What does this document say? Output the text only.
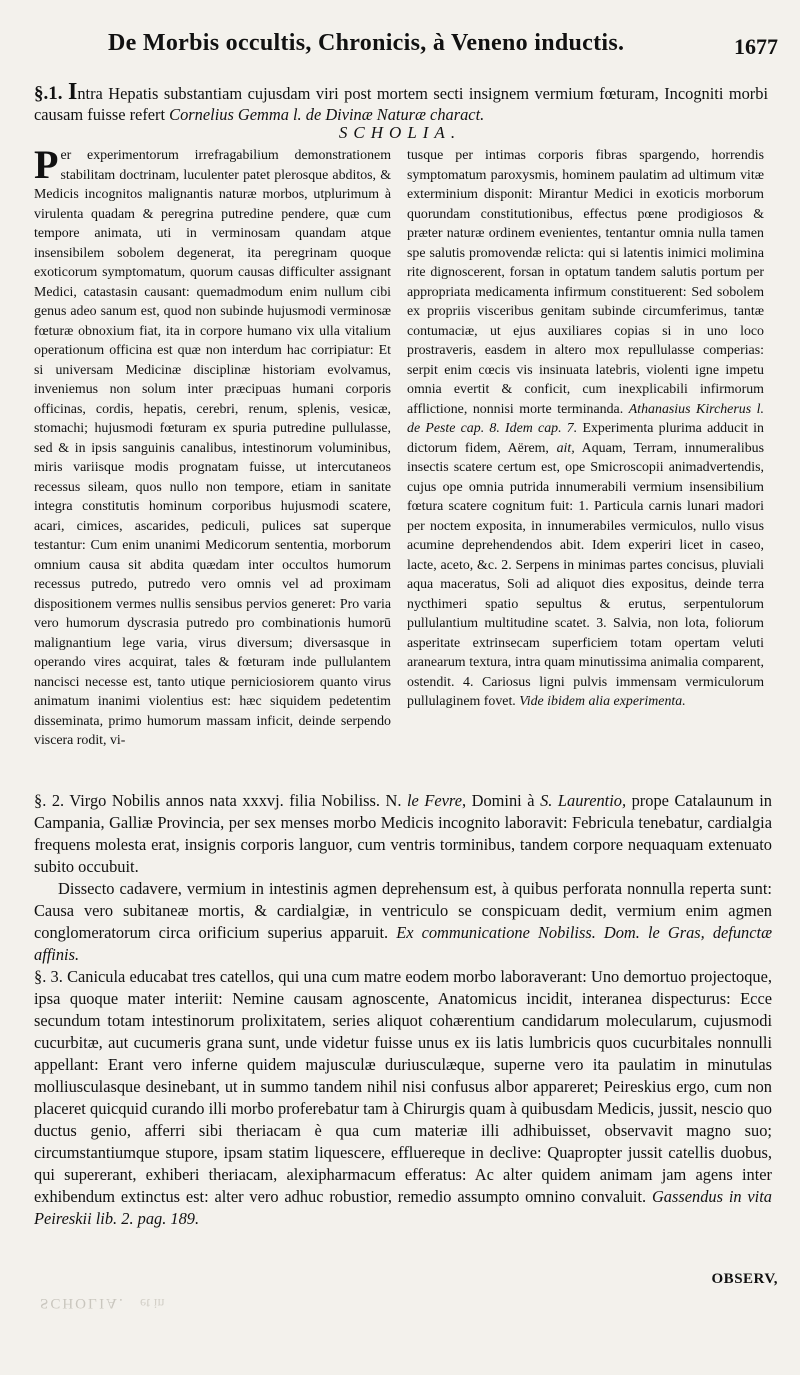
De Morbis occultis, Chronicis, à Veneno inductis.	1677
§.1. Intra Hepatis substantiam cujusdam viri post mortem secti insignem vermium fœturam, Incogniti morbi causam fuisse refert Cornelius Gemma l. de Divinæ Naturæ charact.
SCHOLIA.
Per experimentorum irrefragabilium demonstrationem stabilitam doctrinam, luculenter patet plerosque abditos, & Medicis incognitos malignantis naturæ morbos, utplurimum à virulenta quadam & peregrina putredine pendere, quæ cum tempore animata, uti in verminosam quandam atque insensibilem sobolem degenerat, ita peregrinam quoque exoticorum symptomatum, quorum causas difficulter assignant Medici, catastasin causant: quemadmodum enim nullum cibi genus adeo sanum est, quod non subinde hujusmodi verminosæ fœturæ obnoxium fiat, ita in corpore humano vix ulla vitalium operationum officina est quæ non interdum hac corripiatur: Et si universam Medicinæ disciplinæ historiam evolvamus, inveniemus non solum inter præcipuas humani corporis officinas, cordis, hepatis, cerebri, renum, splenis, vesicæ, stomachi; hujusmodi fœturam ex spuria putredine pullulasse, sed & in ipsis sanguinis canalibus, intestinorum voluminibus, miris variisque modis prognatam fuisse, ut intercutaneos recessus sileam, quos nullo non tempore, etiam in sanitate integra constitutis hominum corporibus hujusmodi scatere, acari, cimices, ascarides, pediculi, pulices sat superque testantur: Cum enim unanimi Medicorum sententia, morborum omnium causa sit abdita quædam inter occultos humorum recessus putredo, putredo vero omnis vel ad proximam dispositionem vermes nullis sensibus pervios generet: Pro varia vero humorum dyscrasia putredo pro combinationis humorū malignantium lege varia, virus diversum; diversasque in operando vires acquirat, tales & fœturam inde pullulantem nancisci necesse est, tanto utique perniciosiorem quanto virus animatum inanimi violentius est: hæc siquidem pedetentim disseminata, primo humorum massam inficit, deinde serpendo viscera rodit, vi-
tusque per intimas corporis fibras spargendo, horrendis symptomatum paroxysmis, hominem paulatim ad ultimum vitæ exterminium disponit: Mirantur Medici in exoticis morborum quorundam constitutionibus, effectus pœne prodigiosos & præter naturæ ordinem evenientes, tentantur omnia nulla tamen spe salutis promovendæ relicta: qui si latentis inimici molimina rite dignoscerent, forsan in optatum tandem salutis portum per appropriata medicamenta infirmum constituerent: Sed sobolem ex propriis visceribus genitam subinde circumferimus, tantæ contumaciæ, ut ejus auxiliares copias si in uno loco prostraveris, easdem in altero mox repullulasse comperias: serpit enim cœcis vis insinuata latebris, violenti igne impetu omnia evertit & conficit, cum inexplicabili infirmorum afflictione, nonnisi morte terminanda. Athanasius Kircherus l. de Peste cap. 8. Idem cap. 7. Experimenta plurima adducit in dictorum fidem, Aërem, ait, Aquam, Terram, innumeralibus insectis scatere certum est, ope Smicroscopii animadvertendis, cujus ope omnia putrida innumerabili vermium insensibilium fœtura scatere cognitum fuit: 1. Particula carnis lunari madori per noctem exposita, in innumerabiles vermiculos, nullo visus acumine deprehendendos abit. Idem experiri licet in caseo, lacte, aceto, &c. 2. Serpens in minimas partes concisus, pluviali aqua maceratus, Soli ad aliquot dies expositus, deinde terra nycthimeri spatio sepultus & erutus, serpentulorum pullulantium multitudine scatet. 3. Salvia, non lota, foliorum asperitate extrinsecam superficiem totam opertam veluti aranearum textura, intra quam minutissima animalia comparent, ostendit. 4. Cariosus ligni pulvis immensam vermiculorum pullulaginem fovet. Vide ibidem alia experimenta.

§. 2. Virgo Nobilis annos nata xxxvj. filia Nobiliss. N. le Fevre, Domini à S. Laurentio, prope Catalaunum in Campania, Galliæ Provincia, per sex menses morbo Medicis incognito laboravit: Febricula tenebatur, cardialgia frequens molesta erat, insignis corporis languor, cum ventris torminibus, tandem corpore nequaquam extenuato subito occubuit.

Dissecto cadavere, vermium in intestinis agmen deprehensum est, à quibus perforata nonnulla reperta sunt: Causa vero subitaneæ mortis, & cardialgiæ, in ventriculo se conspicuam dedit, vermium enim agmen conglomeratorum circa orificium superius apparuit. Ex communicatione Nobiliss. Dom. le Gras, defunctæ affinis.

§. 3. Canicula educabat tres catellos, qui una cum matre eodem morbo laboraverant: Uno demortuo projectoque, ipsa quoque mater interiit: Nemine causam agnoscente, Anatomicus incidit, interanea dispecturus: Ecce secundum totam intestinorum prolixitatem, series aliquot cohærentium candidarum molecularum, cujusmodi cucurbitæ, aut cucumeris grana sunt, unde videtur fuisse unus ex iis latis lumbricis quos cucurbitales nonnulli appellant: Erant vero inferne quidem majusculæ duriusculæque, superne vero ita paulatim in minutulas molliusculasque desinebant, ut in summo tandem nihil nisi confusus albor appareret; Peireskius ergo, cum non placeret quicquid curando illi morbo proferebatur tam à Chirurgis quam à quibusdam Medicis, jussit, nescio quo ductus genio, afferri sibi theriacam è qua cum materiæ illi adhibuisset, observavit magno suo; circumstantiumque stupore, ipsam statim liquescere, effluereque in declive: Quapropter jussit catellis duobus, qui supererant, exhiberi theriacam, alexipharmacum efferatus: Ac alter quidem animam jam agens inter exhibendum extinctus est: alter vero adhuc robustior, remedio assumpto omnino convaluit. Gassendus in vita Peireskii lib. 2. pag. 189.

OBSERV,
SCHOLIA. et in
